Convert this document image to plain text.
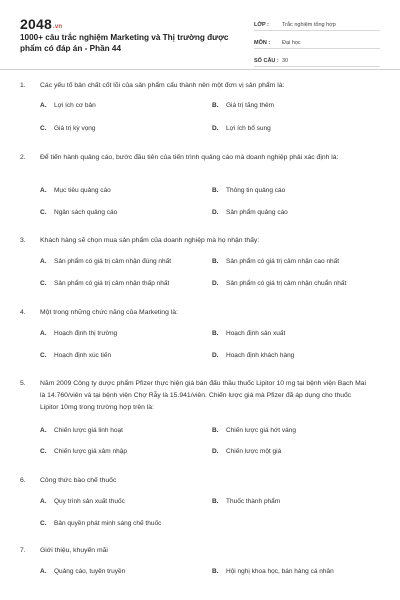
2048.vn
1000+ câu trắc nghiệm Marketing và Thị trường được phẩm có đáp án - Phần 44
LỚP :	Trắc nghiệm tổng hợp
MÔN :	Đại học
SỐ CÂU : 30
1.	Các yếu tố bản chất cốt lõi của sản phẩm cấu thành nên một đơn vị sản phẩm là:
A. Lợi ích cơ bản	B. Giá trị tăng thêm
C. Giá trị kỳ vọng	D. Lợi ích bổ sung
2.	Để tiến hành quảng cáo, bước đầu tiên của tiến trình quảng cáo mà doanh nghiệp phải xác định là:
A. Mục tiêu quảng cáo	B. Thông tin quảng cáo
C. Ngân sách quảng cáo	D. Sản phẩm quảng cáo
3.	Khách hàng sẽ chọn mua sản phẩm của doanh nghiệp mà họ nhận thấy:
A. Sản phẩm có giá trị cảm nhận đúng nhất	B. Sản phẩm có giá trị cảm nhận cao nhất
C. Sản phẩm có giá trị cảm nhận thấp nhất	D. Sản phẩm có giá trị cảm nhận chuẩn nhất
4.	Một trong những chức năng của Marketing là:
A. Hoạch định thị trường	B. Hoạch định sản xuất
C. Hoạch định xúc tiến	D. Hoạch định khách hàng
5.	Năm 2009 Công ty dược phẩm Pfizer thực hiện giá bán đấu thầu thuốc Lipitor 10 mg tại bệnh viện Bạch Mai là 14.760/viên và tại bệnh viện Chợ Rẫy là 15.941/viên. Chiến lược giá mà Pfizer đã áp dụng cho thuốc Lipitor 10mg trong trường hợp trên là:
A. Chiến lược giá linh hoạt	B. Chiến lược giá hớt váng
C. Chiến lược giá xâm nhập	D. Chiến lược một giá
6.	Công thức bào chế thuốc
A. Quy trình sản xuất thuốc	B. Thuốc thành phẩm
C. Bản quyền phát minh sáng chế thuốc
7.	Giới thiệu, khuyến mãi
A. Quảng cáo, tuyên truyền	B. Hội nghị khoa học, bán hàng cá nhân
